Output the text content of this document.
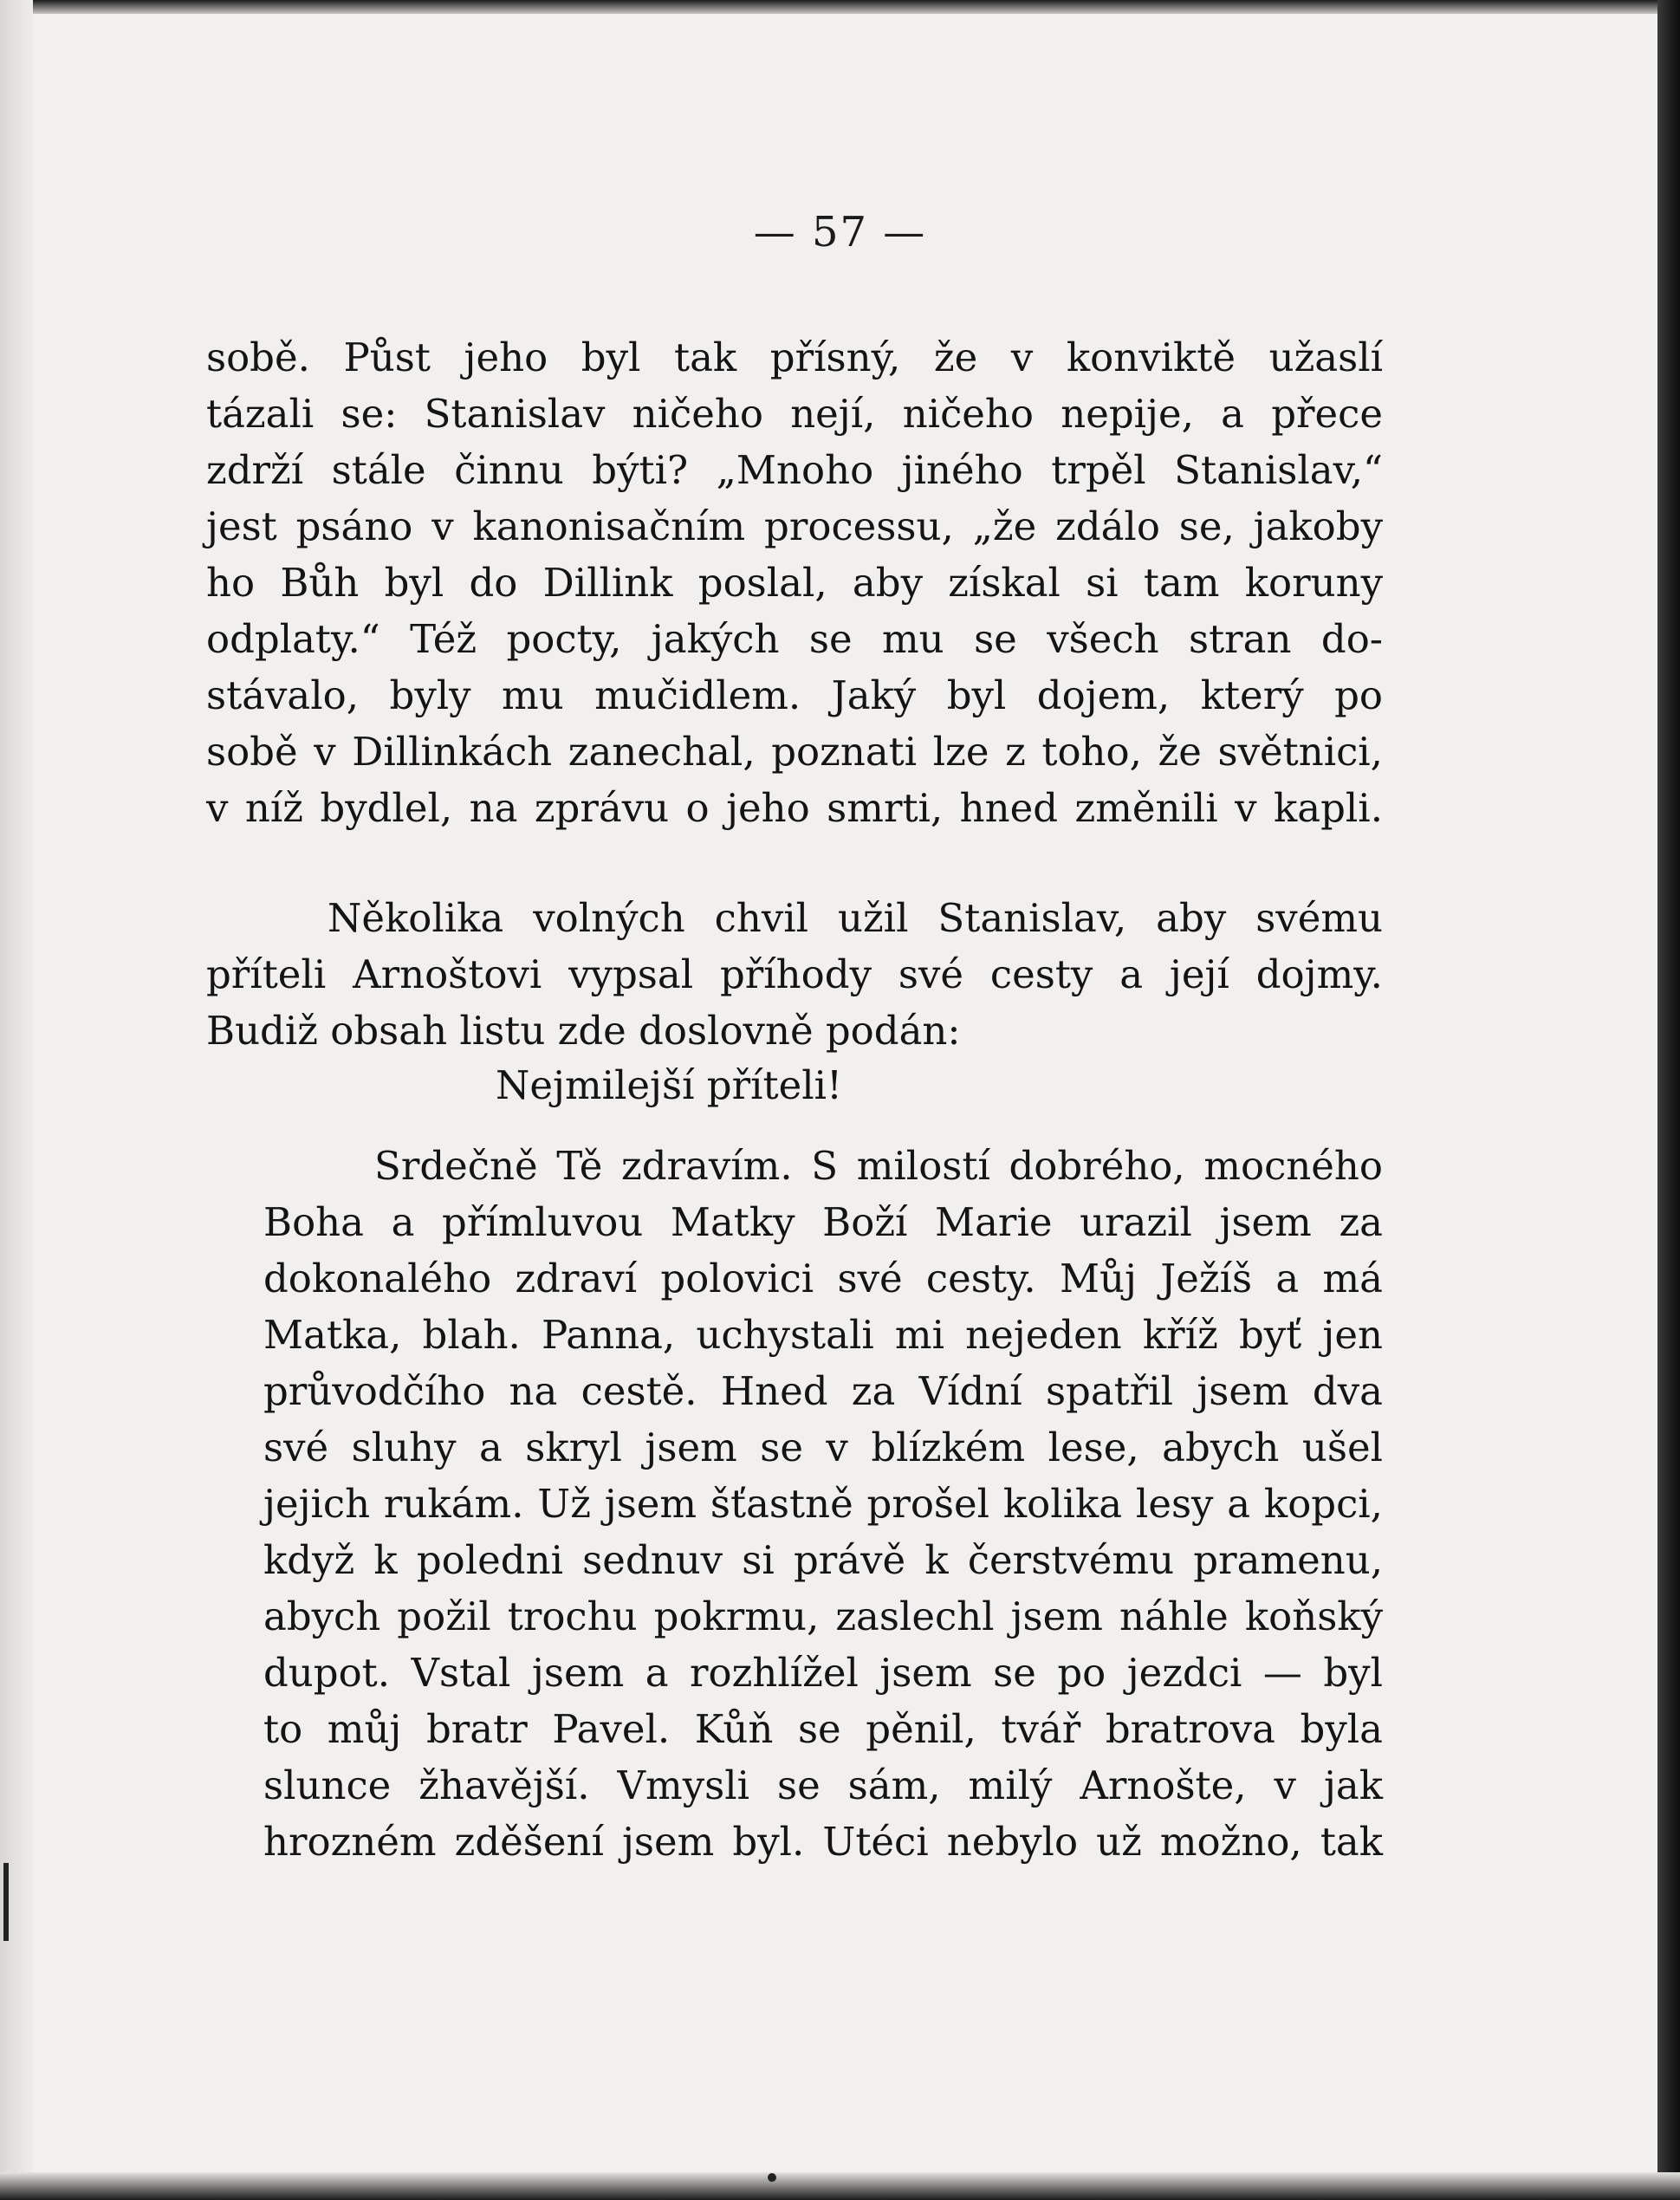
— 57 —
sobě. Půst jeho byl tak přísný, že v konviktě užaslí
tázali se: Stanislav ničeho nejí, ničeho nepije, a přece
zdrží stále činnu býti? „Mnoho jiného trpěl Stanislav,“
jest psáno v kanonisačním processu, „že zdálo se, jakoby
ho Bůh byl do Dillink poslal, aby získal si tam koruny
odplaty.“ Též pocty, jakých se mu se všech stran do-
stávalo, byly mu mučidlem. Jaký byl dojem, který po
sobě v Dillinkách zanechal, poznati lze z toho, že světnici,
v níž bydlel, na zprávu o jeho smrti, hned změnili v kapli.
Několika volných chvil užil Stanislav, aby svému
příteli Arnoštovi vypsal příhody své cesty a její dojmy.
Budiž obsah listu zde doslovně podán:
Nejmilejší příteli!
Srdečně Tě zdravím. S milostí dobrého, mocného
Boha a přímluvou Matky Boží Marie urazil jsem za
dokonalého zdraví polovici své cesty. Můj Ježíš a má
Matka, blah. Panna, uchystali mi nejeden kříž byť jen
průvodčího na cestě. Hned za Vídní spatřil jsem dva
své sluhy a skryl jsem se v blízkém lese, abych ušel
jejich rukám. Už jsem šťastně prošel kolika lesy a kopci,
když k poledni sednuv si právě k čerstvému pramenu,
abych požil trochu pokrmu, zaslechl jsem náhle koňský
dupot. Vstal jsem a rozhlížel jsem se po jezdci — byl
to můj bratr Pavel. Kůň se pěnil, tvář bratrova byla
slunce žhavější. Vmysli se sám, milý Arnošte, v jak
hrozném zděšení jsem byl. Utéci nebylo už možno, tak
